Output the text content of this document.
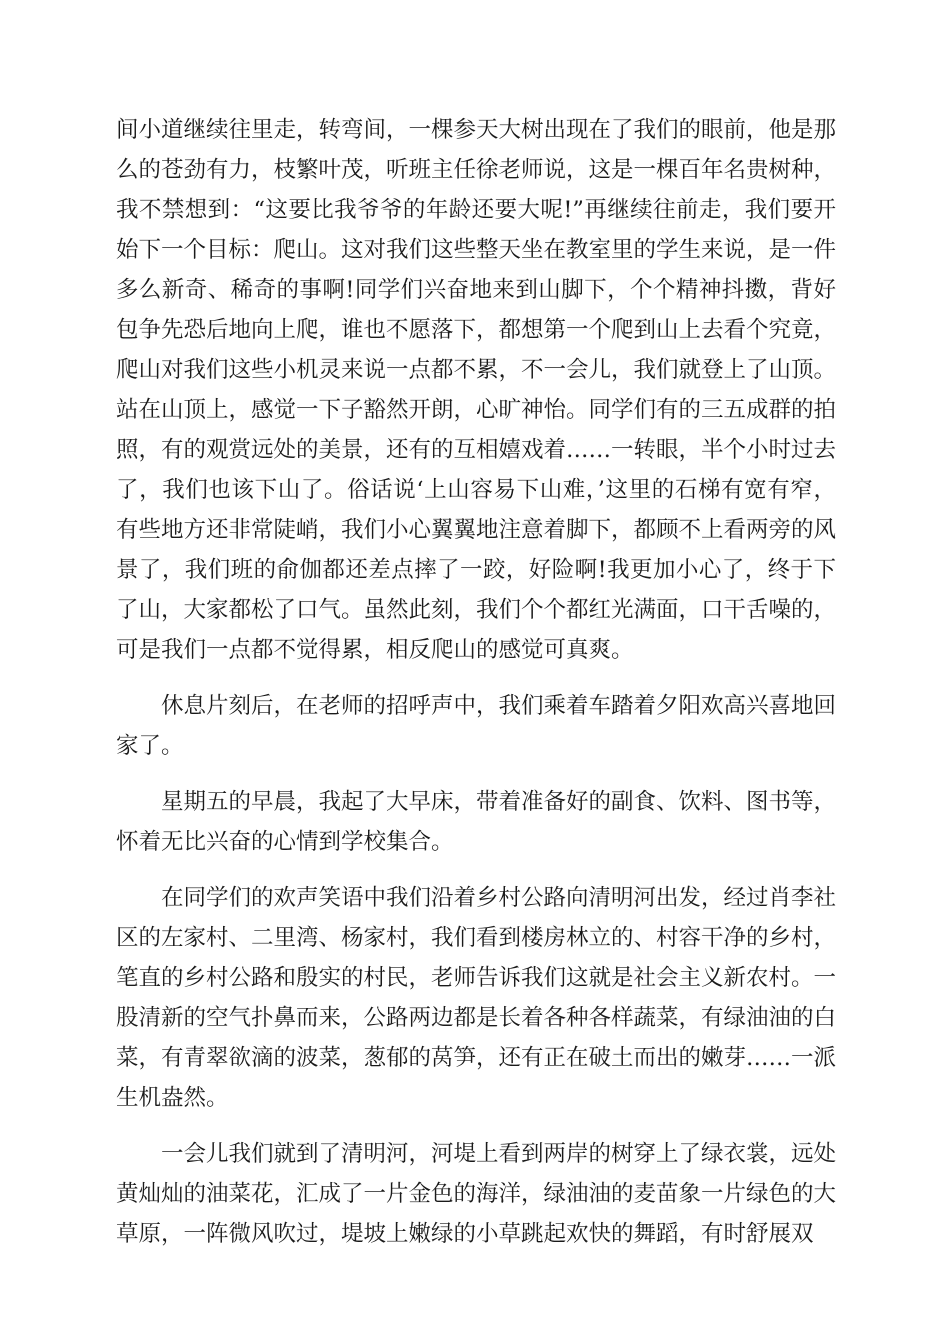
间小道继续往里走，转弯间，一棵参天大树出现在了我们的眼前，他是那么的苍劲有力，枝繁叶茂，听班主任徐老师说，这是一棵百年名贵树种，我不禁想到：“这要比我爷爷的年龄还要大呢!”再继续往前走，我们要开始下一个目标：爬山。这对我们这些整天坐在教室里的学生来说，是一件多么新奇、稀奇的事啊!同学们兴奋地来到山脚下，个个精神抖擞，背好包争先恐后地向上爬，谁也不愿落下，都想第一个爬到山上去看个究竟，爬山对我们这些小机灵来说一点都不累，不一会儿，我们就登上了山顶。站在山顶上，感觉一下子豁然开朗，心旷神怡。同学们有的三五成群的拍照，有的观赏远处的美景，还有的互相嬉戏着……一转眼，半个小时过去了，我们也该下山了。俗话说‘上山容易下山难，’这里的石梯有宽有窄，有些地方还非常陡峭，我们小心翼翼地注意着脚下，都顾不上看两旁的风景了，我们班的俞伽都还差点摔了一跤，好险啊!我更加小心了，终于下了山，大家都松了口气。虽然此刻，我们个个都红光满面，口干舌噪的，可是我们一点都不觉得累，相反爬山的感觉可真爽。

休息片刻后，在老师的招呼声中，我们乘着车踏着夕阳欢高兴喜地回家了。

星期五的早晨，我起了大早床，带着准备好的副食、饮料、图书等，怀着无比兴奋的心情到学校集合。

在同学们的欢声笑语中我们沿着乡村公路向清明河出发，经过肖李社区的左家村、二里湾、杨家村，我们看到楼房林立的、村容干净的乡村，笔直的乡村公路和殷实的村民，老师告诉我们这就是社会主义新农村。一股清新的空气扑鼻而来，公路两边都是长着各种各样蔬菜，有绿油油的白菜，有青翠欲滴的波菜，葱郁的莴笋，还有正在破土而出的嫩芽……一派生机盎然。

一会儿我们就到了清明河，河堤上看到两岸的树穿上了绿衣裳，远处黄灿灿的油菜花，汇成了一片金色的海洋，绿油油的麦苗象一片绿色的大草原，一阵微风吹过，堤坡上嫩绿的小草跳起欢快的舞蹈，有时舒展双
